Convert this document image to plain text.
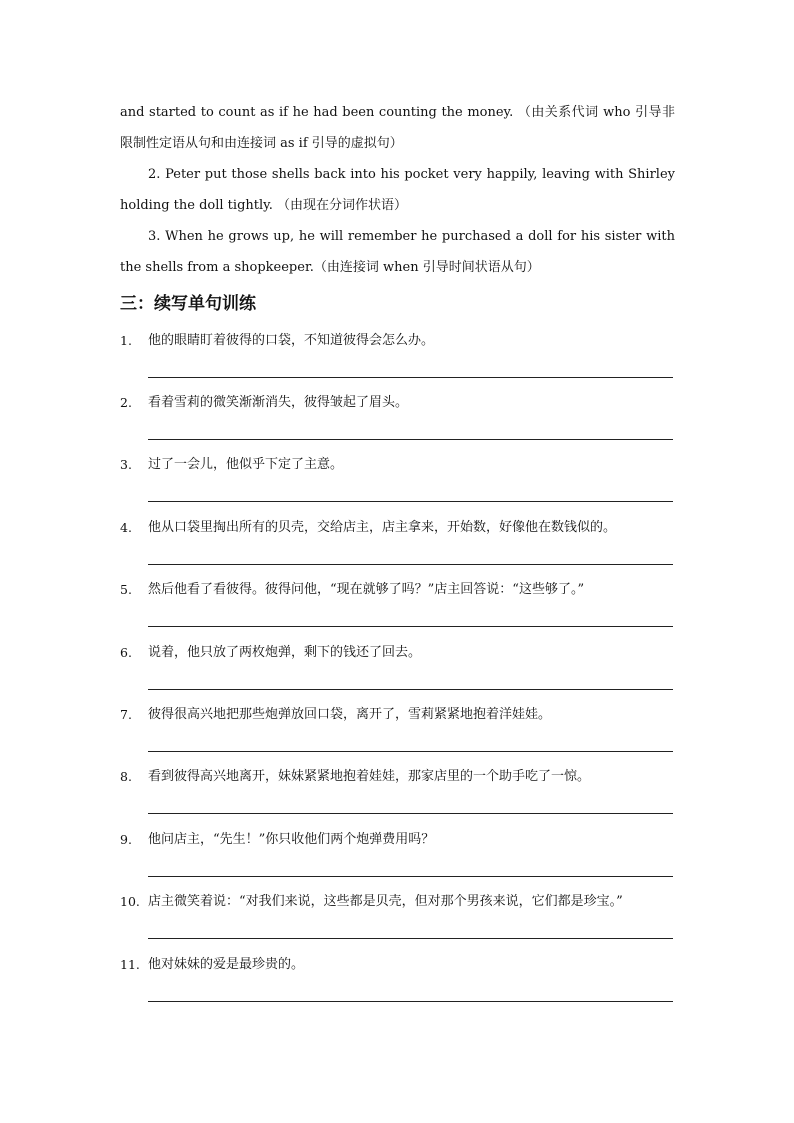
and started to count as if he had been counting the money. （由关系代词 who 引导非限制性定语从句和由连接词 as if 引导的虚拟句）

2. Peter put those shells back into his pocket very happily, leaving with Shirley holding the doll tightly. （由现在分词作状语）

3. When he grows up, he will remember he purchased a doll for his sister with the shells from a shopkeeper.（由连接词 when 引导时间状语从句）

三：续写单句训练
1.	他的眼睛盯着彼得的口袋，不知道彼得会怎么办。
2.	看着雪莉的微笑渐渐消失，彼得皱起了眉头。
3.	过了一会儿，他似乎下定了主意。
4.	他从口袋里掏出所有的贝壳，交给店主，店主拿来，开始数，好像他在数钱似的。
5.	然后他看了看彼得。彼得问他，“现在就够了吗？”店主回答说：“这些够了。”
6.	说着，他只放了两枚炮弹，剩下的钱还了回去。
7.	彼得很高兴地把那些炮弹放回口袋，离开了，雪莉紧紧地抱着洋娃娃。
8.	看到彼得高兴地离开，妹妹紧紧地抱着娃娃，那家店里的一个助手吃了一惊。
9.	他问店主，“先生！”你只收他们两个炮弹费用吗？
10. 店主微笑着说：“对我们来说，这些都是贝壳，但对那个男孩来说，它们都是珍宝。”
11. 他对妹妹的爱是最珍贵的。
